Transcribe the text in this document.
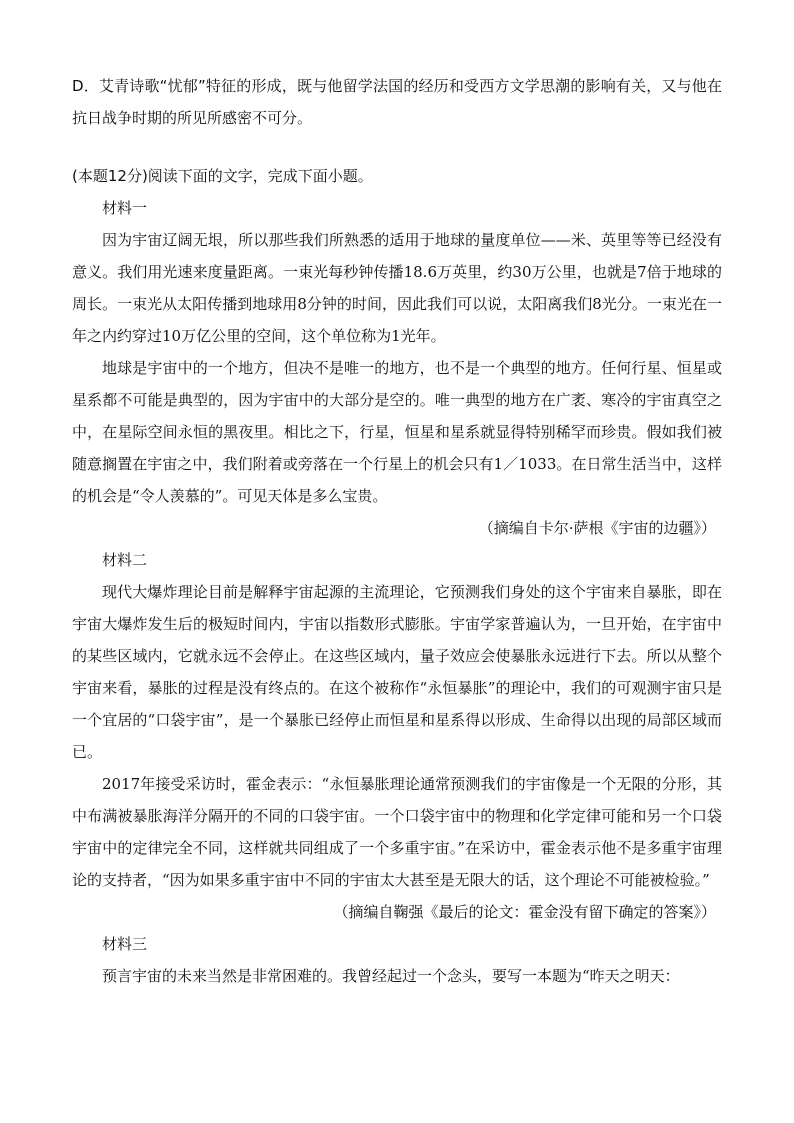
D．艾青诗歌“忧郁”特征的形成，既与他留学法国的经历和受西方文学思潮的影响有关，又与他在抗日战争时期的所见所感密不可分。

(本题12分)阅读下面的文字，完成下面小题。

材料一

因为宇宙辽阔无垠，所以那些我们所熟悉的适用于地球的量度单位——米、英里等等已经没有意义。我们用光速来度量距离。一束光每秒钟传播18.6万英里，约30万公里，也就是7倍于地球的周长。一束光从太阳传播到地球用8分钟的时间，因此我们可以说，太阳离我们8光分。一束光在一年之内约穿过10万亿公里的空间，这个单位称为1光年。

地球是宇宙中的一个地方，但决不是唯一的地方，也不是一个典型的地方。任何行星、恒星或星系都不可能是典型的，因为宇宙中的大部分是空的。唯一典型的地方在广袤、寒冷的宇宙真空之中，在星际空间永恒的黑夜里。相比之下，行星，恒星和星系就显得特别稀罕而珍贵。假如我们被随意搁置在宇宙之中，我们附着或旁落在一个行星上的机会只有1／1033。在日常生活当中，这样的机会是“令人羡慕的”。可见天体是多么宝贵。

（摘编自卡尔·萨根《宇宙的边疆》）

材料二

现代大爆炸理论目前是解释宇宙起源的主流理论，它预测我们身处的这个宇宙来自暴胀，即在宇宙大爆炸发生后的极短时间内，宇宙以指数形式膨胀。宇宙学家普遍认为，一旦开始，在宇宙中的某些区域内，它就永远不会停止。在这些区域内，量子效应会使暴胀永远进行下去。所以从整个宇宙来看，暴胀的过程是没有终点的。在这个被称作“永恒暴胀”的理论中，我们的可观测宇宙只是一个宜居的“口袋宇宙”，是一个暴胀已经停止而恒星和星系得以形成、生命得以出现的局部区域而已。

2017年接受采访时，霍金表示：“永恒暴胀理论通常预测我们的宇宙像是一个无限的分形，其中布满被暴胀海洋分隔开的不同的口袋宇宙。一个口袋宇宙中的物理和化学定律可能和另一个口袋宇宙中的定律完全不同，这样就共同组成了一个多重宇宙。”在采访中，霍金表示他不是多重宇宙理论的支持者，“因为如果多重宇宙中不同的宇宙太大甚至是无限大的话，这个理论不可能被检验。”

（摘编自鞠强《最后的论文：霍金没有留下确定的答案》）

材料三

预言宇宙的未来当然是非常困难的。我曾经起过一个念头，要写一本题为“昨天之明天：
